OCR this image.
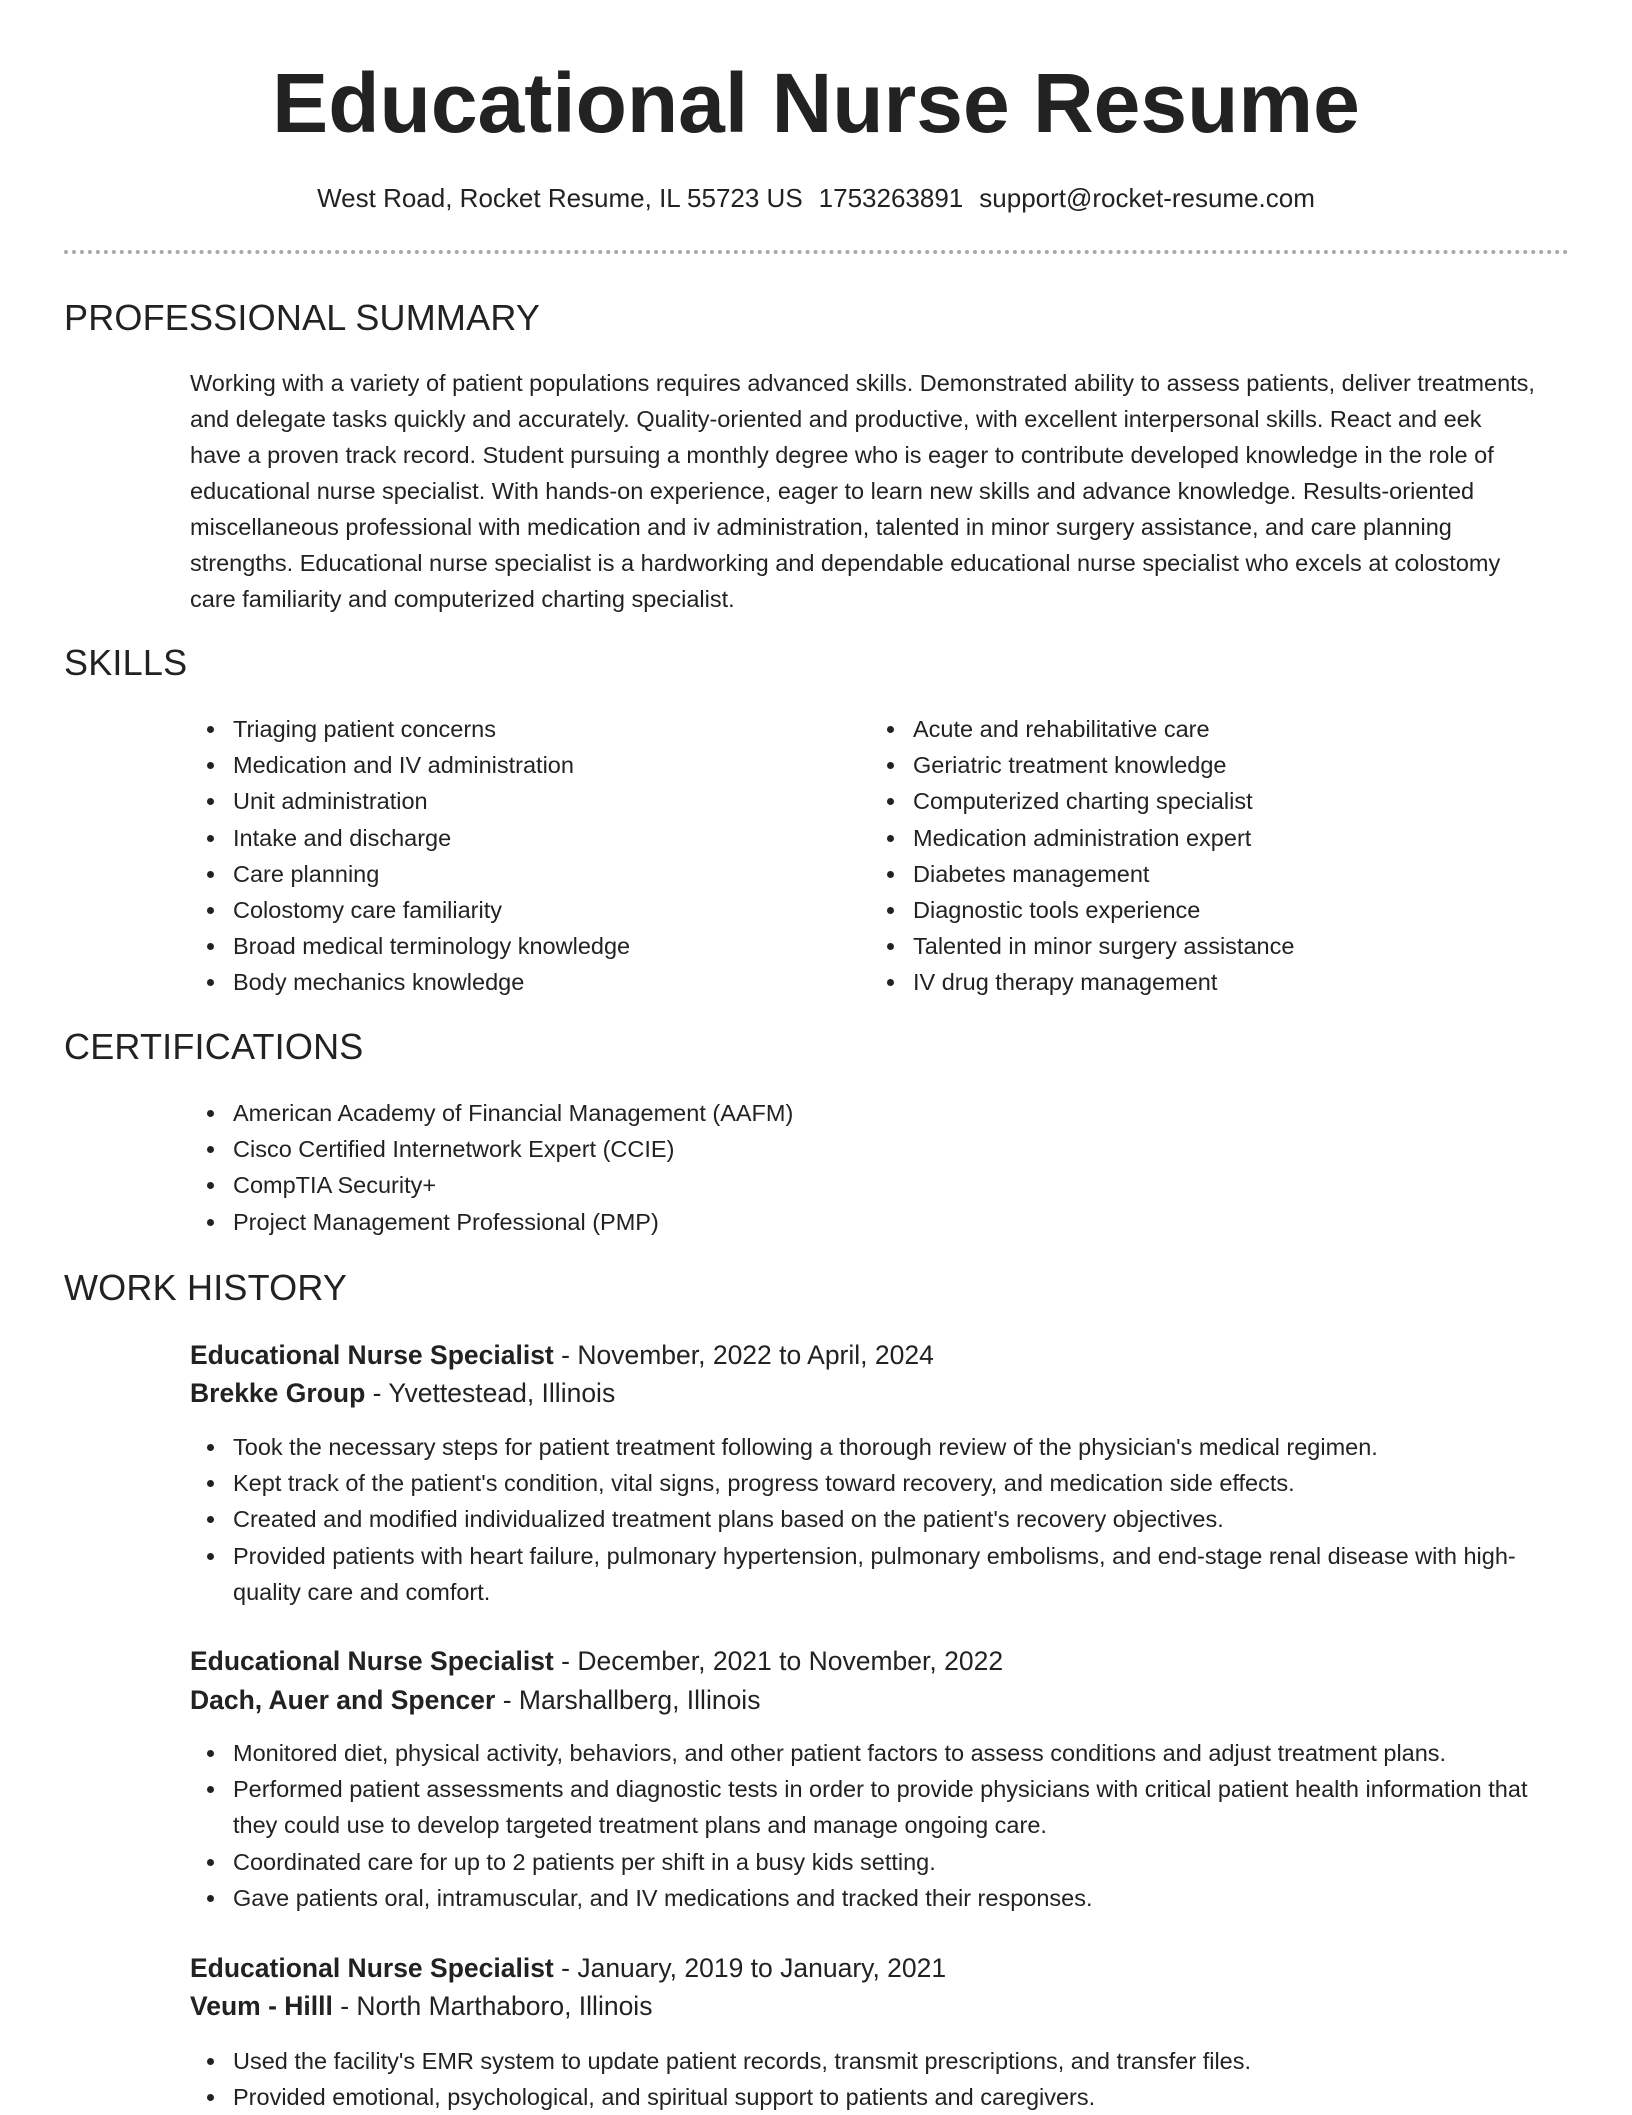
Educational Nurse Resume
West Road, Rocket Resume, IL 55723 US 1753263891 support@rocket-resume.com
PROFESSIONAL SUMMARY

Working with a variety of patient populations requires advanced skills. Demonstrated ability to assess patients, deliver treatments, and delegate tasks quickly and accurately. Quality-oriented and productive, with excellent interpersonal skills. React and eek have a proven track record. Student pursuing a monthly degree who is eager to contribute developed knowledge in the role of educational nurse specialist. With hands-on experience, eager to learn new skills and advance knowledge. Results-oriented miscellaneous professional with medication and iv administration, talented in minor surgery assistance, and care planning strengths. Educational nurse specialist is a hardworking and dependable educational nurse specialist who excels at colostomy care familiarity and computerized charting specialist.

SKILLS
Triaging patient concerns
Medication and IV administration
Unit administration
Intake and discharge
Care planning
Colostomy care familiarity
Broad medical terminology knowledge
Body mechanics knowledge
Acute and rehabilitative care
Geriatric treatment knowledge
Computerized charting specialist
Medication administration expert
Diabetes management
Diagnostic tools experience
Talented in minor surgery assistance
IV drug therapy management
CERTIFICATIONS
American Academy of Financial Management (AAFM)
Cisco Certified Internetwork Expert (CCIE)
CompTIA Security+
Project Management Professional (PMP)
WORK HISTORY
Educational Nurse Specialist - November, 2022 to April, 2024
Brekke Group - Yvettestead, Illinois
Took the necessary steps for patient treatment following a thorough review of the physician's medical regimen.
Kept track of the patient's condition, vital signs, progress toward recovery, and medication side effects.
Created and modified individualized treatment plans based on the patient's recovery objectives.
Provided patients with heart failure, pulmonary hypertension, pulmonary embolisms, and end-stage renal disease with high-quality care and comfort.
Educational Nurse Specialist - December, 2021 to November, 2022
Dach, Auer and Spencer - Marshallberg, Illinois
Monitored diet, physical activity, behaviors, and other patient factors to assess conditions and adjust treatment plans.
Performed patient assessments and diagnostic tests in order to provide physicians with critical patient health information that they could use to develop targeted treatment plans and manage ongoing care.
Coordinated care for up to 2 patients per shift in a busy kids setting.
Gave patients oral, intramuscular, and IV medications and tracked their responses.
Educational Nurse Specialist - January, 2019 to January, 2021
Veum - Hilll - North Marthaboro, Illinois
Used the facility's EMR system to update patient records, transmit prescriptions, and transfer files.
Provided emotional, psychological, and spiritual support to patients and caregivers.
